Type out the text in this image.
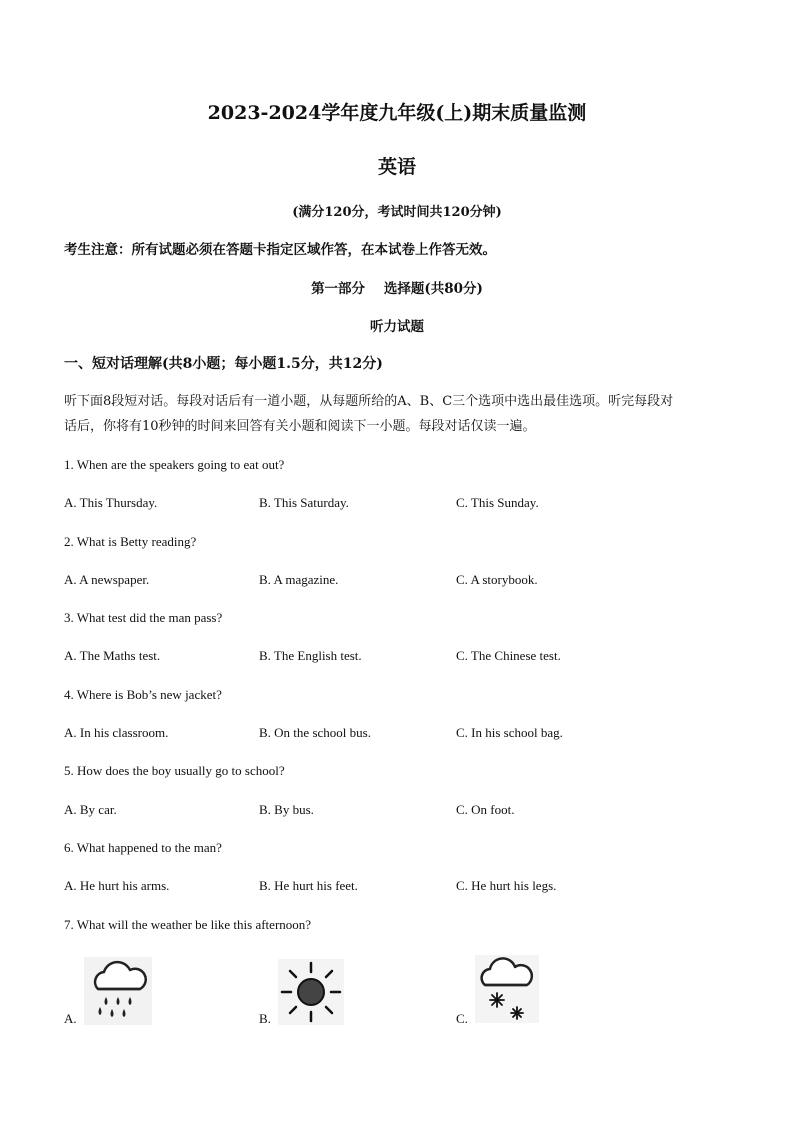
2023-2024学年度九年级(上)期末质量监测
英语
(满分120分，考试时间共120分钟)
考生注意：所有试题必须在答题卡指定区域作答，在本试卷上作答无效。
第一部分    选择题(共80分)
听力试题
一、短对话理解(共8小题；每小题1.5分，共12分)
听下面8段短对话。每段对话后有一道小题，从每题所给的A、B、C三个选项中选出最佳选项。听完每段对
话后，你将有10秒钟的时间来回答有关小题和阅读下一小题。每段对话仅读一遍。
1. When are the speakers going to eat out?
A. This Thursday.	B. This Saturday.	C. This Sunday.
2. What is Betty reading?
A. A newspaper.	B. A magazine.	C. A storybook.
3. What test did the man pass?
A. The Maths test.	B. The English test.	C. The Chinese test.
4. Where is Bob’s new jacket?
A. In his classroom.	B. On the school bus.	C. In his school bag.
5. How does the boy usually go to school?
A. By car.	B. By bus.	C. On foot.
6. What happened to the man?
A. He hurt his arms.	B. He hurt his feet.	C. He hurt his legs.
7. What will the weather be like this afternoon?
A.	B.	C.
